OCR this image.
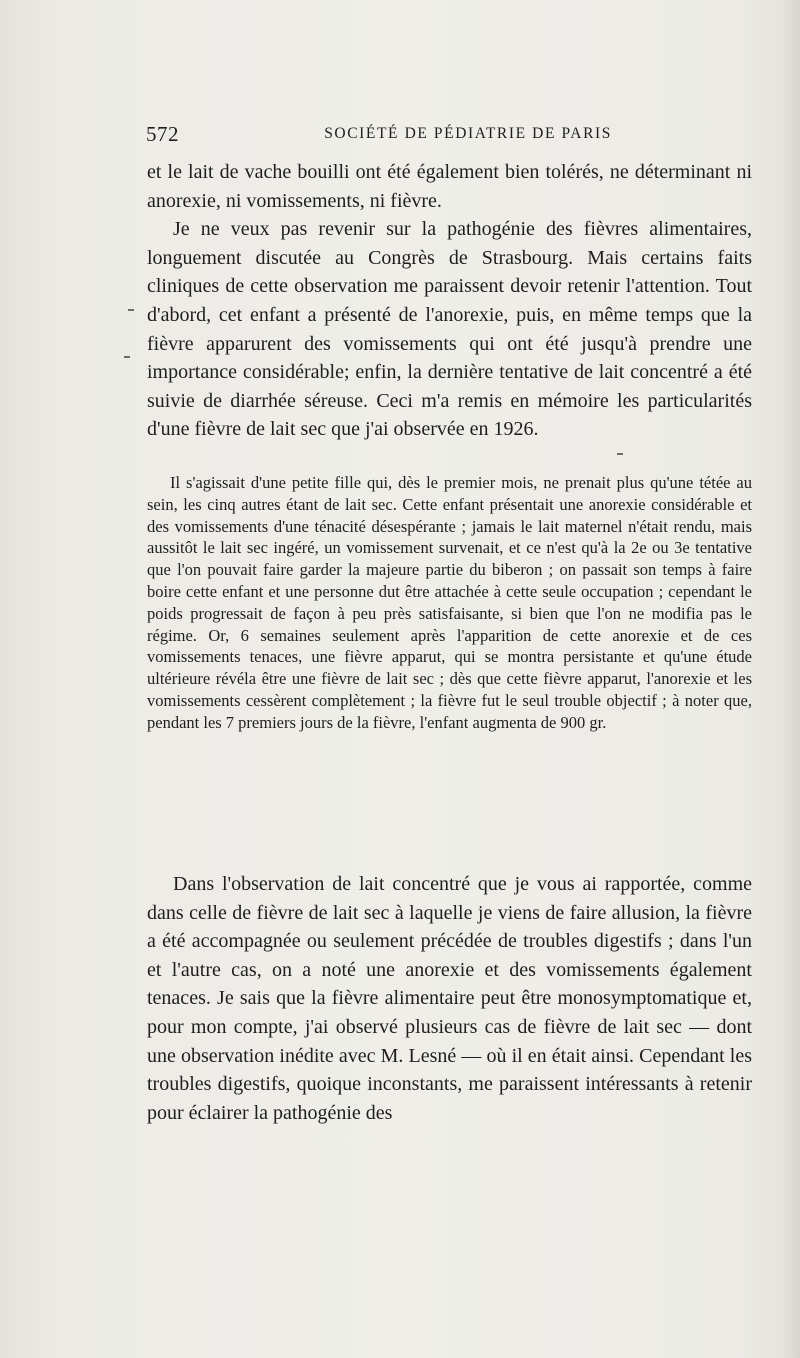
572	SOCIÉTÉ DE PÉDIATRIE DE PARIS

et le lait de vache bouilli ont été également bien tolérés, ne déterminant ni anorexie, ni vomissements, ni fièvre.

Je ne veux pas revenir sur la pathogénie des fièvres alimentaires, longuement discutée au Congrès de Strasbourg. Mais certains faits cliniques de cette observation me paraissent devoir retenir l'attention. Tout d'abord, cet enfant a présenté de l'anorexie, puis, en même temps que la fièvre apparurent des vomissements qui ont été jusqu'à prendre une importance considérable; enfin, la dernière tentative de lait concentré a été suivie de diarrhée séreuse. Ceci m'a remis en mémoire les particularités d'une fièvre de lait sec que j'ai observée en 1926.

Il s'agissait d'une petite fille qui, dès le premier mois, ne prenait plus qu'une tétée au sein, les cinq autres étant de lait sec. Cette enfant présentait une anorexie considérable et des vomissements d'une ténacité désespérante ; jamais le lait maternel n'était rendu, mais aussitôt le lait sec ingéré, un vomissement survenait, et ce n'est qu'à la 2e ou 3e tentative que l'on pouvait faire garder la majeure partie du biberon ; on passait son temps à faire boire cette enfant et une personne dut être attachée à cette seule occupation ; cependant le poids progressait de façon à peu près satisfaisante, si bien que l'on ne modifia pas le régime. Or, 6 semaines seulement après l'apparition de cette anorexie et de ces vomissements tenaces, une fièvre apparut, qui se montra persistante et qu'une étude ultérieure révéla être une fièvre de lait sec ; dès que cette fièvre apparut, l'anorexie et les vomissements cessèrent complètement ; la fièvre fut le seul trouble objectif ; à noter que, pendant les 7 premiers jours de la fièvre, l'enfant augmenta de 900 gr.

Dans l'observation de lait concentré que je vous ai rapportée, comme dans celle de fièvre de lait sec à laquelle je viens de faire allusion, la fièvre a été accompagnée ou seulement précédée de troubles digestifs ; dans l'un et l'autre cas, on a noté une anorexie et des vomissements également tenaces. Je sais que la fièvre alimentaire peut être monosymptomatique et, pour mon compte, j'ai observé plusieurs cas de fièvre de lait sec — dont une observation inédite avec M. Lesné — où il en était ainsi. Cependant les troubles digestifs, quoique inconstants, me paraissent intéressants à retenir pour éclairer la pathogénie des
